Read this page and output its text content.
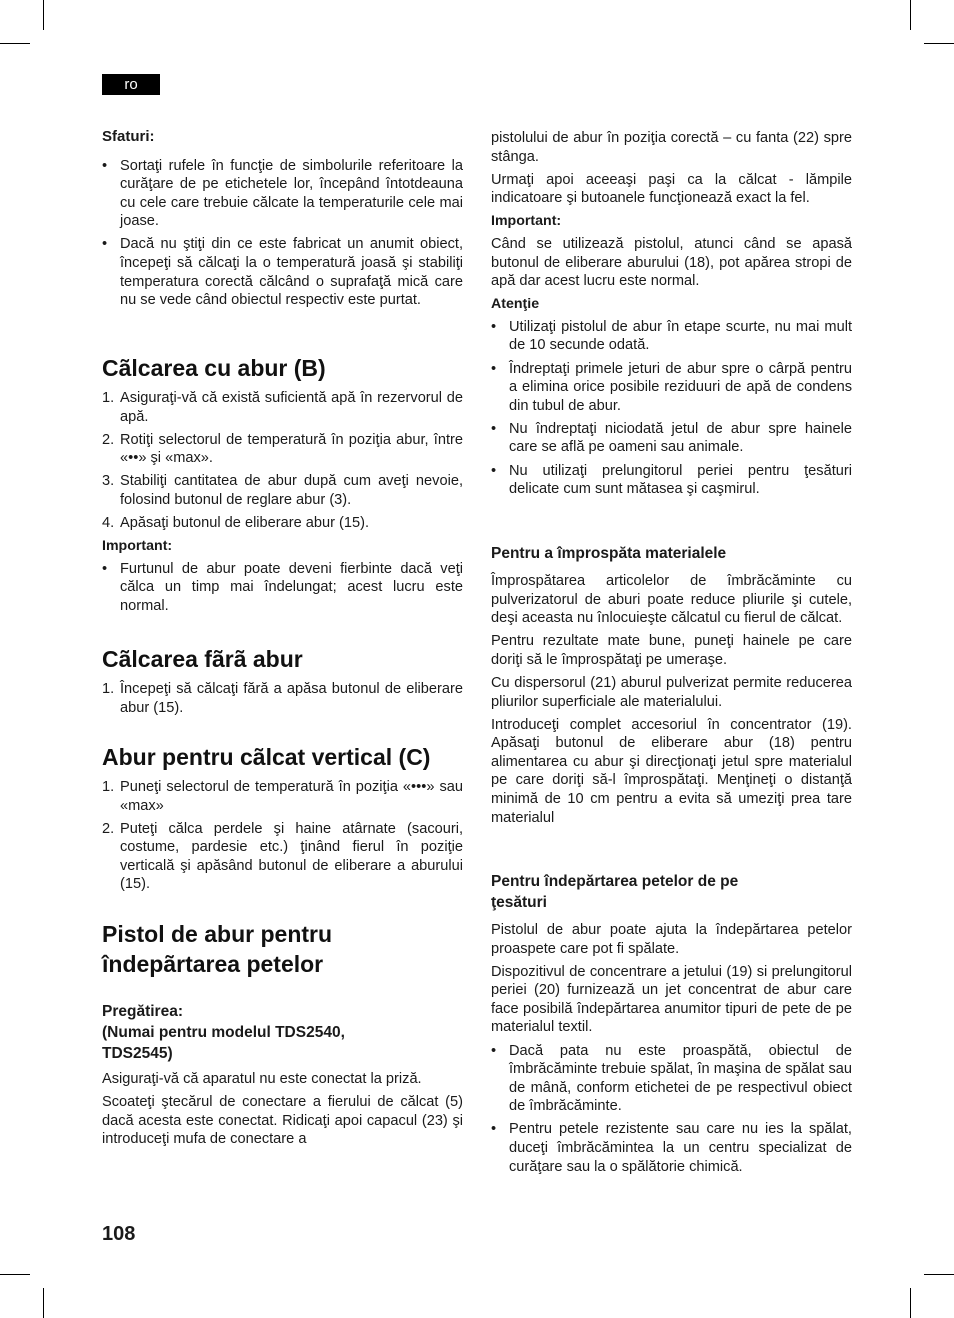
ro
Sfaturi:
• Sortaţi rufele în funcţie de simbolurile referitoare la curăţare de pe etichetele lor, începând întotdeauna cu cele care trebuie călcate la temperaturile cele mai joase.
• Dacă nu ştiţi din ce este fabricat un anumit obiect, începeţi să călcaţi la o temperatură joasă şi stabiliţi temperatura corectă călcând o suprafaţă mică care nu se vede când obiectul respectiv este purtat.
Cãlcarea cu abur (B)
1. Asiguraţi-vă că există suficientă apă în rezervorul de apă.
2. Rotiţi selectorul de temperatură în poziţia abur, între «••» şi «max».
3. Stabiliţi cantitatea de abur după cum aveţi nevoie, folosind butonul de reglare abur (3).
4. Apăsaţi butonul de eliberare abur (15).
Important:
• Furtunul de abur poate deveni fierbinte dacă veţi călca un timp mai îndelungat; acest lucru este normal.
Cãlcarea fãrã abur
1. Începeţi să călcaţi fără a apăsa butonul de eliberare abur (15).
Abur pentru cãlcat vertical (C)
1. Puneţi selectorul de temperatură în poziţia «•••» sau «max»
2. Puteţi călca perdele şi haine atârnate (sacouri, costume, pardesie etc.) ţinând fierul în poziţie verticală şi apăsând butonul de eliberare a aburului (15).
Pistol de abur pentru
îndepãrtarea petelor
Pregătirea:
(Numai pentru modelul TDS2540,
TDS2545)

Asiguraţi-vă că aparatul nu este conectat la priză.

Scoateţi ştecărul de conectare a fierului de călcat (5) dacă acesta este conectat. Ridicaţi apoi capacul (23) şi introduceţi mufa de conectare a

pistolului de abur în poziţia corectă – cu fanta (22) spre stânga.

Urmaţi apoi aceeaşi paşi ca la călcat - lămpile indicatoare şi butoanele funcţionează exact la fel.

Important:

Când se utilizează pistolul, atunci când se apasă butonul de eliberare aburului (18), pot apărea stropi de apă dar acest lucru este normal.

Atenţie
• Utilizaţi pistolul de abur în etape scurte, nu mai mult de 10 secunde odată.
• Îndreptaţi primele jeturi de abur spre o cârpă pentru a elimina orice posibile reziduuri de apă de condens din tubul de abur.
• Nu îndreptaţi niciodată jetul de abur spre hainele care se află pe oameni sau animale.
• Nu utilizaţi prelungitorul periei pentru ţesături delicate cum sunt mătasea şi caşmirul.
Pentru a împrospăta materialele

Împrospătarea articolelor de îmbrăcăminte cu pulverizatorul de aburi poate reduce pliurile şi cutele, deşi aceasta nu înlocuieşte călcatul cu fierul de călcat.

Pentru rezultate mate bune, puneţi hainele pe care doriţi să le împrospătaţi pe umeraşe.

Cu dispersorul (21) aburul pulverizat permite reducerea pliurilor superficiale ale materialului.

Introduceţi complet accesoriul în concentrator (19). Apăsaţi butonul de eliberare abur (18) pentru alimentarea cu abur şi direcţionaţi jetul spre materialul pe care doriţi să-l împrospătaţi. Menţineţi o distanţă minimă de 10 cm pentru a evita să umeziţi prea tare materialul

Pentru îndepărtarea petelor de pe
ţesături

Pistolul de abur poate ajuta la îndepărtarea petelor proaspete care pot fi spălate.

Dispozitivul de concentrare a jetului (19) si prelungitorul periei (20) furnizează un jet concentrat de abur care face posibilă îndepărtarea anumitor tipuri de pete de pe materialul textil.

• Dacă pata nu este proaspătă, obiectul de îmbrăcăminte trebuie spălat, în maşina de spălat sau de mână, conform etichetei de pe respectivul obiect de îmbrăcăminte.
• Pentru petele rezistente sau care nu ies la spălat, duceţi îmbrăcămintea la un centru specializat de curăţare sau la o spălătorie chimică.
108
